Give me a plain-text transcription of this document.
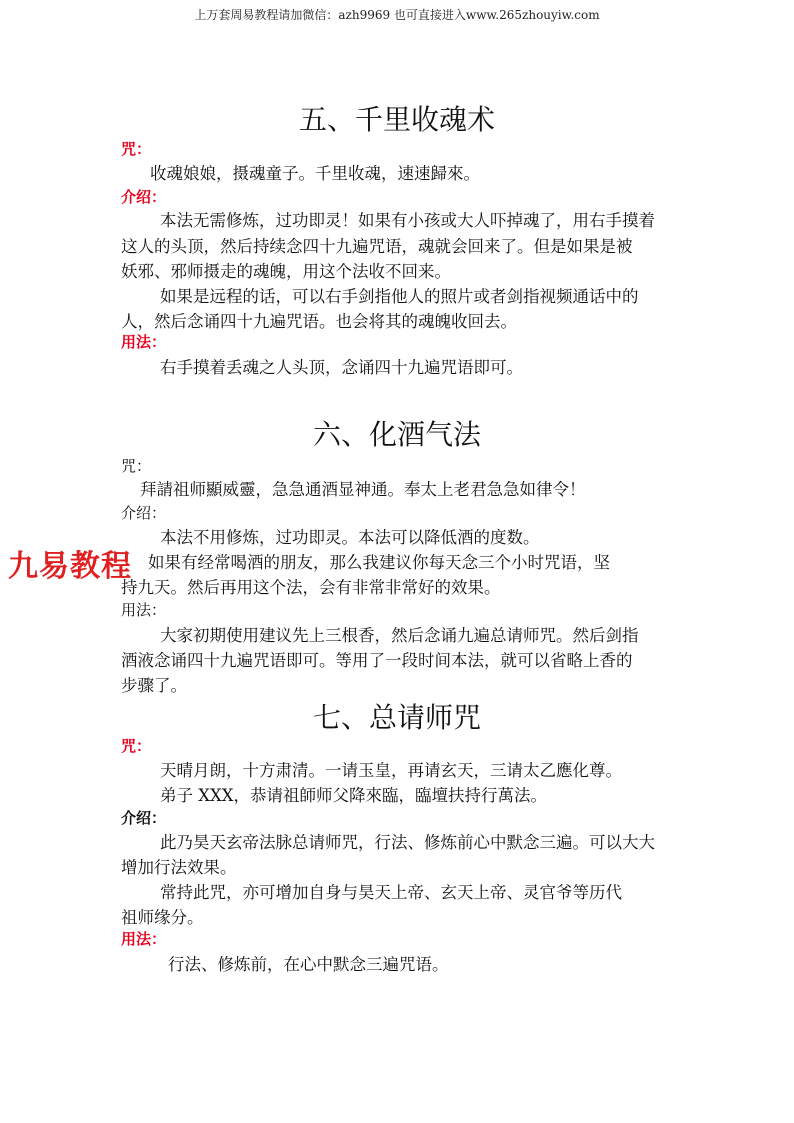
上万套周易教程请加微信：azh9969 也可直接进入www.265zhouyiw.com
九易教程
五、千里收魂术

咒：

收魂娘娘，摄魂童子。千里收魂，速速歸來。

介绍：

本法无需修炼，过功即灵！如果有小孩或大人吓掉魂了，用右手摸着

这人的头顶，然后持续念四十九遍咒语，魂就会回来了。但是如果是被

妖邪、邪师摄走的魂魄，用这个法收不回来。

如果是远程的话，可以右手剑指他人的照片或者剑指视频通话中的

人，然后念诵四十九遍咒语。也会将其的魂魄收回去。

用法：

右手摸着丢魂之人头顶，念诵四十九遍咒语即可。

六、化酒气法

咒：

拜請祖师顯威靈，急急通酒显神通。奉太上老君急急如律令！

介绍：

本法不用修炼，过功即灵。本法可以降低酒的度数。

如果有经常喝酒的朋友，那么我建议你每天念三个小时咒语，坚

持九天。然后再用这个法，会有非常非常好的效果。

用法：

大家初期使用建议先上三根香，然后念诵九遍总请师咒。然后剑指

酒液念诵四十九遍咒语即可。等用了一段时间本法，就可以省略上香的

步骤了。

七、总请师咒

咒：

天晴月朗，十方肃清。一请玉皇，再请玄天，三请太乙應化尊。

弟子 XXX，恭请祖師师父降來臨，臨壇扶持行萬法。

介绍：

此乃昊天玄帝法脉总请师咒，行法、修炼前心中默念三遍。可以大大

增加行法效果。

常持此咒，亦可增加自身与昊天上帝、玄天上帝、灵官爷等历代

祖师缘分。

用法：

行法、修炼前，在心中默念三遍咒语。
